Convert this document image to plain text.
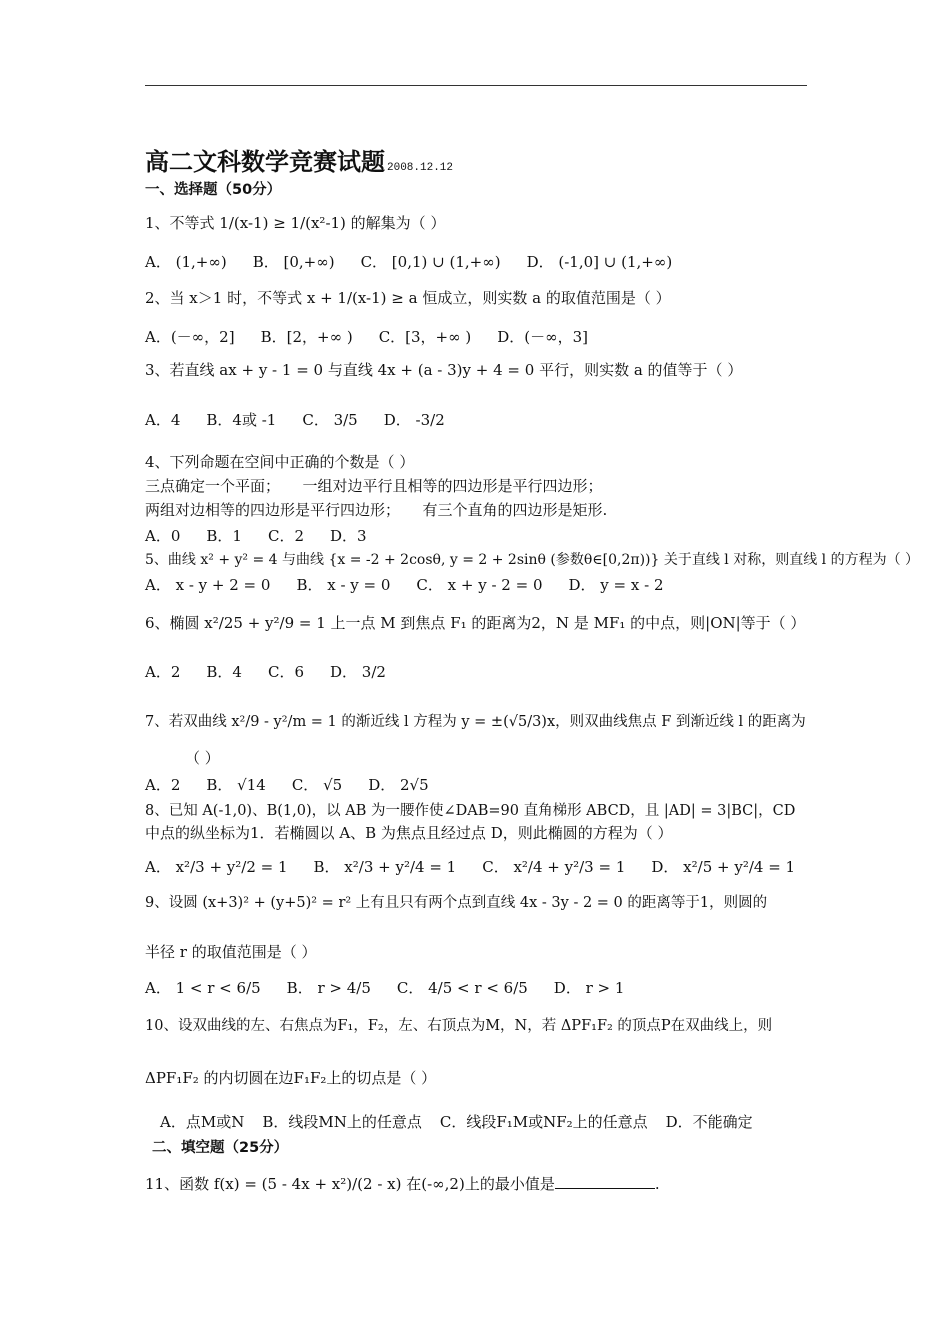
高二文科数学竞赛试题 2008.12.12
一、选择题（50分）
1、不等式 1/(x-1) ≥ 1/(x²-1) 的解集为（ ）
A． (1,+∞) B． [0,+∞) C． [0,1) ∪ (1,+∞) D． (-1,0] ∪ (1,+∞)
2、当 x＞1 时，不等式 x + 1/(x-1) ≥ a 恒成立，则实数 a 的取值范围是（ ）
A．(－∞，2] B．[2，+∞ ) C．[3，+∞ ) D．(－∞，3]
3、若直线 ax + y - 1 = 0 与直线 4x + (a - 3)y + 4 = 0 平行，则实数 a 的值等于（ ）
A．4 B．4或 -1 C． 3/5 D． -3/2
4、下列命题在空间中正确的个数是（ ）
三点确定一个平面；　　一组对边平行且相等的四边形是平行四边形；
两组对边相等的四边形是平行四边形；　　有三个直角的四边形是矩形.
A．0 B．1 C．2 D．3
5、曲线 x² + y² = 4 与曲线 {x = -2 + 2cosθ, y = 2 + 2sinθ (参数θ∈[0,2π))} 关于直线 l 对称，则直线 l 的方程为（ ）
A． x - y + 2 = 0 B． x - y = 0 C． x + y - 2 = 0 D． y = x - 2
6、椭圆 x²/25 + y²/9 = 1 上一点 M 到焦点 F₁ 的距离为2，N 是 MF₁ 的中点，则|ON|等于（ ）
A．2 B．4 C．6 D． 3/2
7、若双曲线 x²/9 - y²/m = 1 的渐近线 l 方程为 y = ±(√5/3)x，则双曲线焦点 F 到渐近线 l 的距离为
（ ）
A．2 B． √14 C． √5 D． 2√5
8、已知 A(-1,0)、B(1,0)，以 AB 为一腰作使∠DAB=90 直角梯形 ABCD，且 |AD| = 3|BC|，CD
中点的纵坐标为1．若椭圆以 A、B 为焦点且经过点 D，则此椭圆的方程为（ ）
A． x²/3 + y²/2 = 1 B． x²/3 + y²/4 = 1 C． x²/4 + y²/3 = 1 D． x²/5 + y²/4 = 1
9、设圆 (x+3)² + (y+5)² = r² 上有且只有两个点到直线 4x - 3y - 2 = 0 的距离等于1，则圆的
半径 r 的取值范围是（ ）
A． 1 < r < 6/5 B． r > 4/5 C． 4/5 < r < 6/5 D． r > 1
10、设双曲线的左、右焦点为F₁，F₂，左、右顶点为M，N，若 ΔPF₁F₂ 的顶点P在双曲线上，则
ΔPF₁F₂ 的内切圆在边F₁F₂上的切点是（ ）
A．点M或N B．线段MN上的任意点 C．线段F₁M或NF₂上的任意点 D．不能确定
二、填空题（25分）
11、函数 f(x) = (5 - 4x + x²)/(2 - x) 在(-∞,2)上的最小值是	.
